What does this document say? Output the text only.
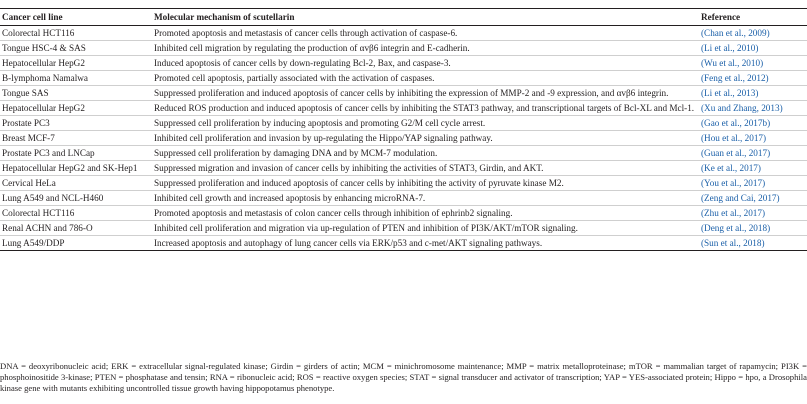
Cancer cell line	Molecular mechanism of scutellarin	Reference
Colorectal HCT116	Promoted apoptosis and metastasis of cancer cells through activation of caspase-6.	(Chan et al., 2009)
Tongue HSC-4 & SAS	Inhibited cell migration by regulating the production of αvβ6 integrin and E-cadherin.	(Li et al., 2010)
Hepatocellular HepG2	Induced apoptosis of cancer cells by down-regulating Bcl-2, Bax, and caspase-3.	(Wu et al., 2010)
B-lymphoma Namalwa	Promoted cell apoptosis, partially associated with the activation of caspases.	(Feng et al., 2012)
Tongue SAS	Suppressed proliferation and induced apoptosis of cancer cells by inhibiting the expression of MMP-2 and -9 expression, and αvβ6 integrin.	(Li et al., 2013)
Hepatocellular HepG2	Reduced ROS production and induced apoptosis of cancer cells by inhibiting the STAT3 pathway, and transcriptional targets of Bcl-XL and Mcl-1.	(Xu and Zhang, 2013)
Prostate PC3	Suppressed cell proliferation by inducing apoptosis and promoting G2/M cell cycle arrest.	(Gao et al., 2017b)
Breast MCF-7	Inhibited cell proliferation and invasion by up-regulating the Hippo/YAP signaling pathway.	(Hou et al., 2017)
Prostate PC3 and LNCap	Suppressed cell proliferation by damaging DNA and by MCM-7 modulation.	(Guan et al., 2017)
Hepatocellular HepG2 and SK-Hep1	Suppressed migration and invasion of cancer cells by inhibiting the activities of STAT3, Girdin, and AKT.	(Ke et al., 2017)
Cervical HeLa	Suppressed proliferation and induced apoptosis of cancer cells by inhibiting the activity of pyruvate kinase M2.	(You et al., 2017)
Lung A549 and NCL-H460	Inhibited cell growth and increased apoptosis by enhancing microRNA-7.	(Zeng and Cai, 2017)
Colorectal HCT116	Promoted apoptosis and metastasis of colon cancer cells through inhibition of ephrinb2 signaling.	(Zhu et al., 2017)
Renal ACHN and 786-O	Inhibited cell proliferation and migration via up-regulation of PTEN and inhibition of PI3K/AKT/mTOR signaling.	(Deng et al., 2018)
Lung A549/DDP	Increased apoptosis and autophagy of lung cancer cells via ERK/p53 and c-met/AKT signaling pathways.	(Sun et al., 2018)
DNA = deoxyribonucleic acid; ERK = extracellular signal-regulated kinase; Girdin = girders of actin; MCM = minichromosome maintenance; MMP = matrix metalloproteinase; mTOR = mammalian target of rapamycin; PI3K = phosphoinositide 3-kinase; PTEN = phosphatase and tensin; RNA = ribonucleic acid; ROS = reactive oxygen species; STAT = signal transducer and activator of transcription; YAP = YES-associated protein; Hippo = hpo, a Drosophila kinase gene with mutants exhibiting uncontrolled tissue growth having hippopotamus phenotype.
